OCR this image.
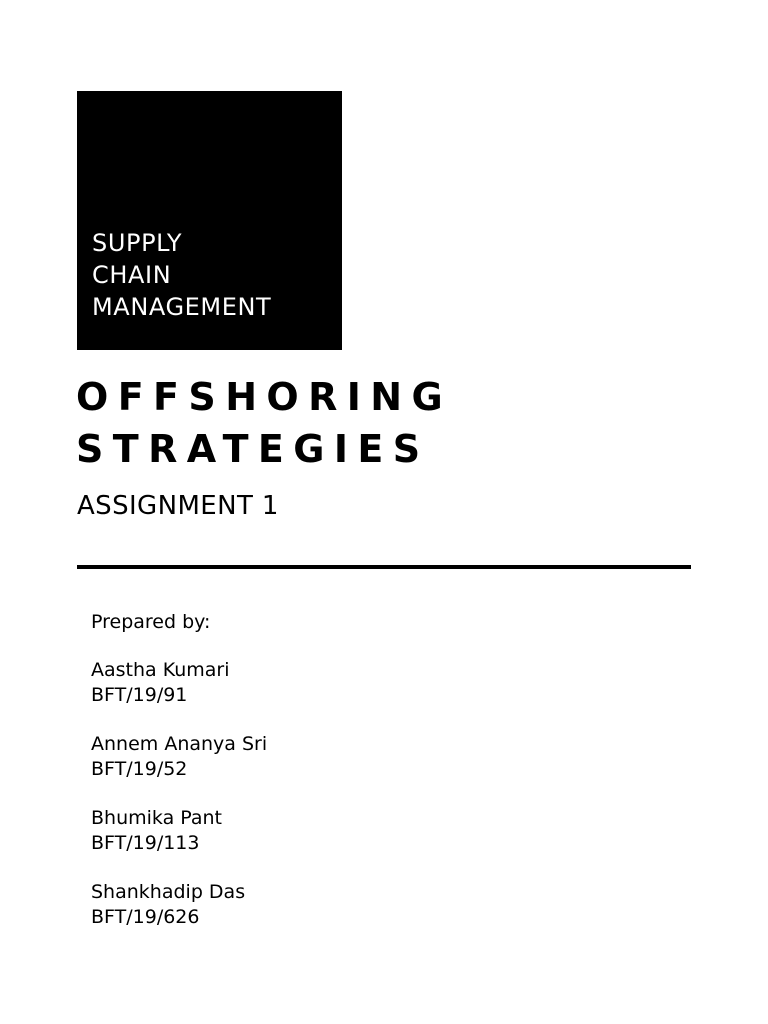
SUPPLY
CHAIN
MANAGEMENT
OFFSHORING
STRATEGIES
ASSIGNMENT 1
Prepared by:
Aastha Kumari
BFT/19/91
Annem Ananya Sri
BFT/19/52
Bhumika Pant
BFT/19/113
Shankhadip Das
BFT/19/626
